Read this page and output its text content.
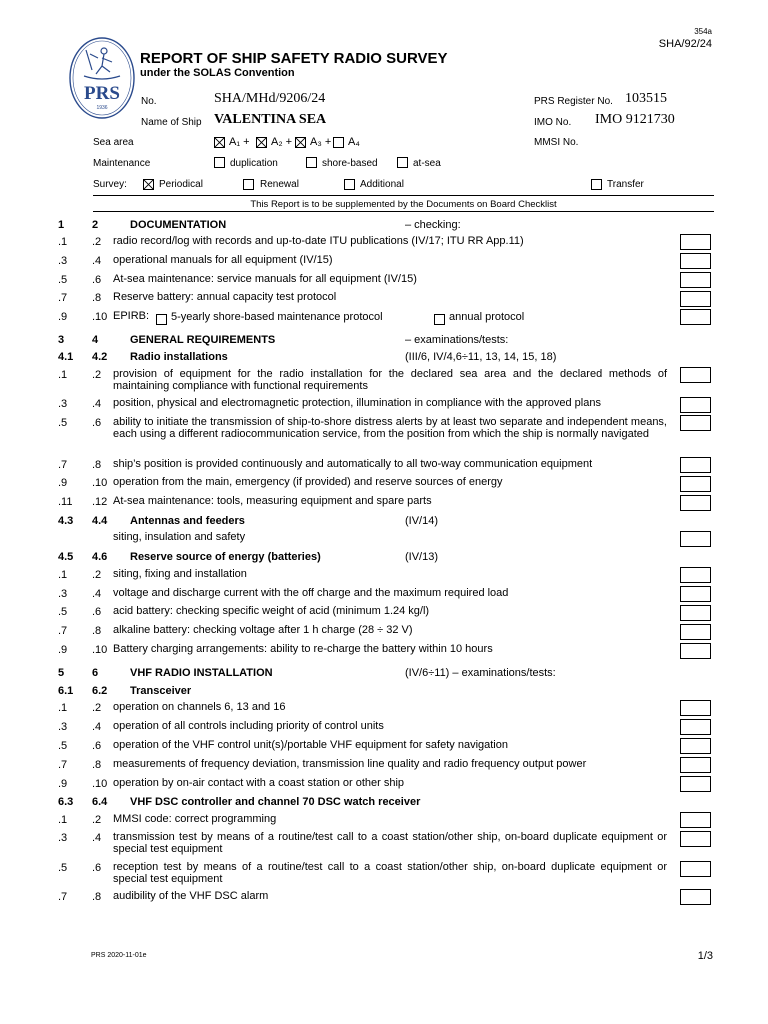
354a
SHA/92/24
PRS
1936
REPORT OF SHIP SAFETY RADIO SURVEY
under the SOLAS Convention
No.	SHA/MHd/9206/24
Name of Ship VALENTINA SEA
PRS Register No. 103515
IMO No. IMO 9121730
MMSI No.
Sea area	A₁ + A₂ + A₃ + A₄
Maintenance	duplication	shore-based	at-sea
Survey:	Periodical	Renewal	Additional	Transfer
This Report is to be supplemented by the Documents on Board Checklist
1	2	DOCUMENTATION	– checking:
.1 .2 radio record/log with records and up-to-date ITU publications (IV/17; ITU RR App.11)
.3 .4 operational manuals for all equipment (IV/15)
.5 .6 At-sea maintenance: service manuals for all equipment (IV/15)
.7 .8 Reserve battery: annual capacity test protocol
.9 .10 EPIRB:	5-yearly shore-based maintenance protocol	annual protocol
3	4	GENERAL REQUIREMENTS	– examinations/tests:
4.1 4.2 Radio installations	(III/6, IV/4,6÷11, 13, 14, 15, 18)
.1 .2 provision of equipment for the radio installation for the declared sea area and the declared methods of maintaining compliance with functional requirements
.3 .4 position, physical and electromagnetic protection, illumination in compliance with the approved plans
.5 .6 ability to initiate the transmission of ship-to-shore distress alerts by at least two separate and independent means, each using a different radiocommunication service, from the position from which the ship is normally navigated
.7 .8 ship’s position is provided continuously and automatically to all two-way communication equipment
.9 .10 operation from the main, emergency (if provided) and reserve sources of energy
.11 .12 At-sea maintenance: tools, measuring equipment and spare parts
4.3 4.4 Antennas and feeders	(IV/14)
siting, insulation and safety
4.5 4.6 Reserve source of energy (batteries)	(IV/13)
.1 .2 siting, fixing and installation
.3 .4 voltage and discharge current with the off charge and the maximum required load
.5 .6 acid battery: checking specific weight of acid (minimum 1.24 kg/l)
.7 .8 alkaline battery: checking voltage after 1 h charge (28 ÷ 32 V)
.9 .10 Battery charging arrangements: ability to re-charge the battery within 10 hours
5	6	VHF RADIO INSTALLATION	(IV/6÷11) – examinations/tests:
6.1 6.2 Transceiver
.1 .2 operation on channels 6, 13 and 16
.3 .4 operation of all controls including priority of control units
.5 .6 operation of the VHF control unit(s)/portable VHF equipment for safety navigation
.7 .8 measurements of frequency deviation, transmission line quality and radio frequency output power
.9 .10 operation by on-air contact with a coast station or other ship
6.3 6.4 VHF DSC controller and channel 70 DSC watch receiver
.1 .2 MMSI code: correct programming
.3 .4 transmission test by means of a routine/test call to a coast station/other ship, on-board duplicate equipment or special test equipment
.5 .6 reception test by means of a routine/test call to a coast station/other ship, on-board duplicate equipment or special test equipment
.7 .8 audibility of the VHF DSC alarm
PRS 2020-11-01e	1/3
